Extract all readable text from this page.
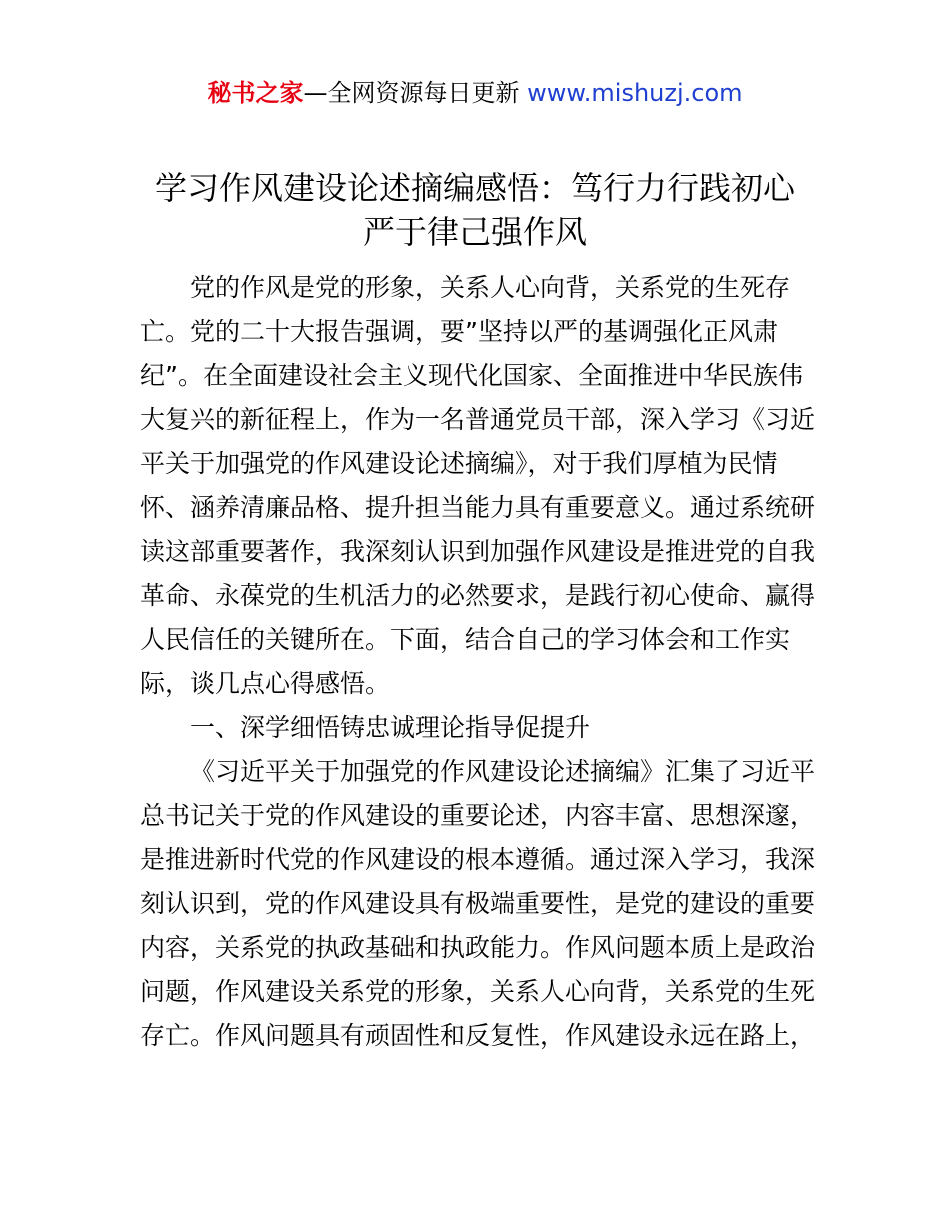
秘书之家—全网资源每日更新 www.mishuzj.com
学习作风建设论述摘编感悟：笃行力行践初心
严于律己强作风
党的作风是党的形象，关系人心向背，关系党的生死存
亡。党的二十大报告强调，要”坚持以严的基调强化正风肃
纪”。在全面建设社会主义现代化国家、全面推进中华民族伟
大复兴的新征程上，作为一名普通党员干部，深入学习《习近
平关于加强党的作风建设论述摘编》，对于我们厚植为民情
怀、涵养清廉品格、提升担当能力具有重要意义。通过系统研
读这部重要著作，我深刻认识到加强作风建设是推进党的自我
革命、永葆党的生机活力的必然要求，是践行初心使命、赢得
人民信任的关键所在。下面，结合自己的学习体会和工作实
际，谈几点心得感悟。
一、深学细悟铸忠诚理论指导促提升
《习近平关于加强党的作风建设论述摘编》汇集了习近平
总书记关于党的作风建设的重要论述，内容丰富、思想深邃，
是推进新时代党的作风建设的根本遵循。通过深入学习，我深
刻认识到，党的作风建设具有极端重要性，是党的建设的重要
内容，关系党的执政基础和执政能力。作风问题本质上是政治
问题，作风建设关系党的形象，关系人心向背，关系党的生死
存亡。作风问题具有顽固性和反复性，作风建设永远在路上，
